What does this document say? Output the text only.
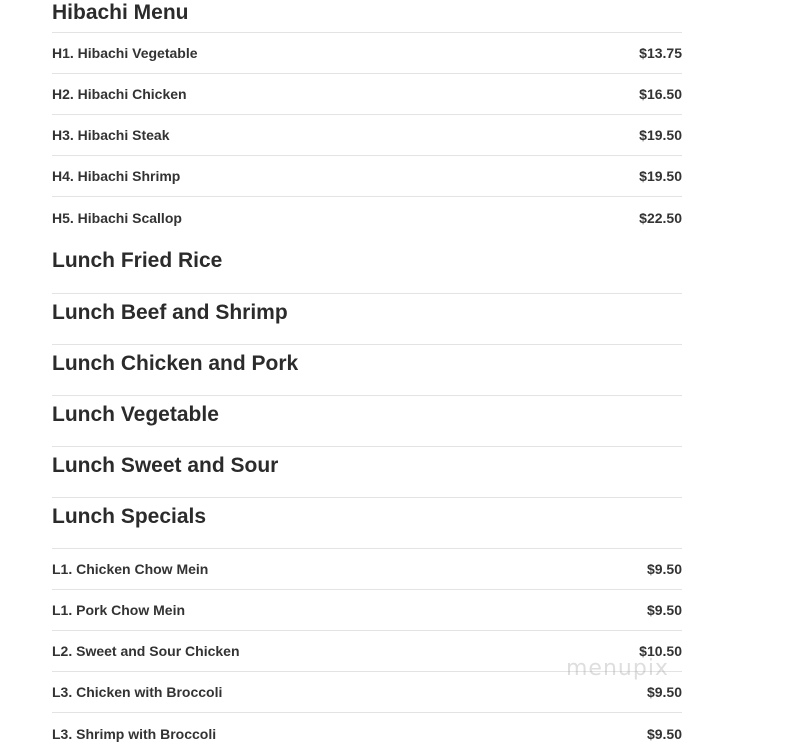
Hibachi Menu
H1. Hibachi Vegetable	$13.75
H2. Hibachi Chicken	$16.50
H3. Hibachi Steak	$19.50
H4. Hibachi Shrimp	$19.50
H5. Hibachi Scallop	$22.50
Lunch Fried Rice
Lunch Beef and Shrimp
Lunch Chicken and Pork
Lunch Vegetable
Lunch Sweet and Sour
Lunch Specials
L1. Chicken Chow Mein	$9.50
L1. Pork Chow Mein	$9.50
L2. Sweet and Sour Chicken	$10.50
L3. Chicken with Broccoli	$9.50
L3. Shrimp with Broccoli	$9.50
menupix
